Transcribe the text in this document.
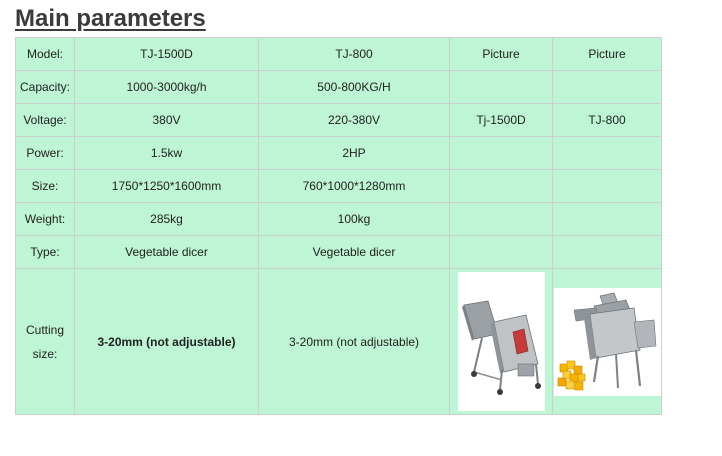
Main parameters
Model:	TJ-1500D	TJ-800	Picture	Picture
Capacity:	1000-3000kg/h	500-800KG/H		
Voltage:	380V	220-380V	Tj-1500D	TJ-800
Power:	1.5kw	2HP		
Size:	1750*1250*1600mm	760*1000*1280mm		
Weight:	285kg	100kg		
Type:	Vegetable dicer	Vegetable dicer		
Cutting
size:	3-20mm (not adjustable)	3-20mm (not adjustable)	
